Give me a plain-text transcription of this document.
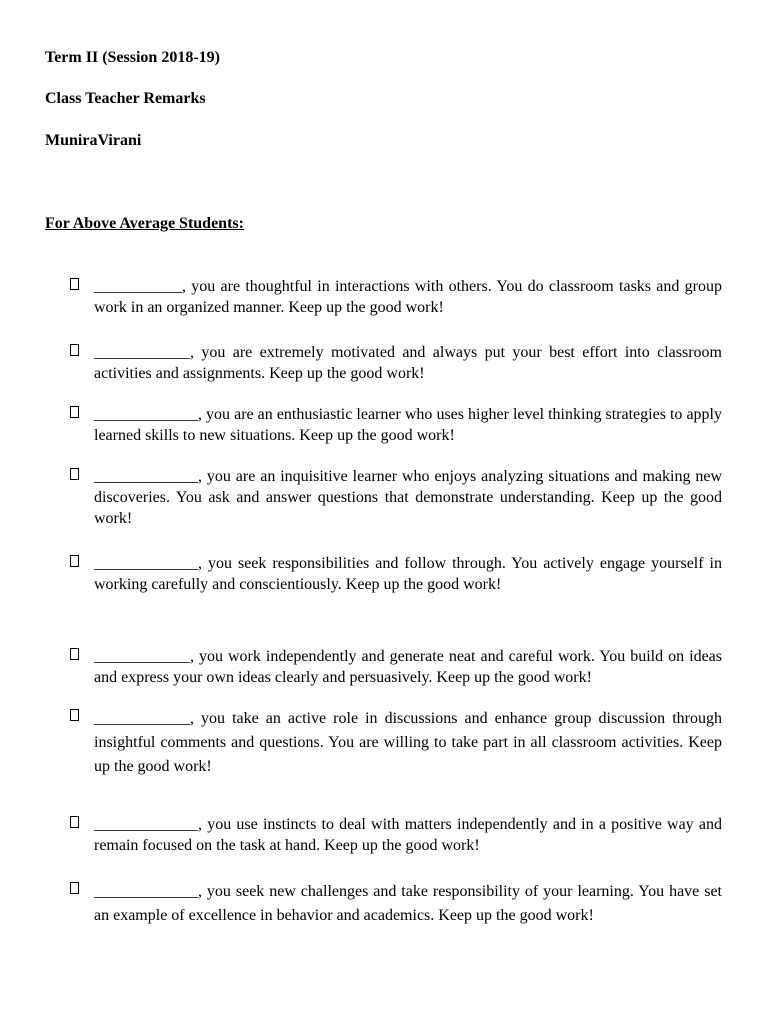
Term II (Session 2018-19)
Class Teacher Remarks
MuniraVirani
For Above Average Students:
___________, you are thoughtful in interactions with others. You do classroom tasks and group work in an organized manner. Keep up the good work!
____________, you are extremely motivated and always put your best effort into classroom activities and assignments. Keep up the good work!
_____________, you are an enthusiastic learner who uses higher level thinking strategies to apply learned skills to new situations. Keep up the good work!
_____________, you are an inquisitive learner who enjoys analyzing situations and making new discoveries. You ask and answer questions that demonstrate understanding. Keep up the good work!
_____________, you seek responsibilities and follow through. You actively engage yourself in working carefully and conscientiously. Keep up the good work!
____________, you work independently and generate neat and careful work. You build on ideas and express your own ideas clearly and persuasively. Keep up the good work!
____________, you take an active role in discussions and enhance group discussion through insightful comments and questions. You are willing to take part in all classroom activities. Keep up the good work!
_____________, you use instincts to deal with matters independently and in a positive way and remain focused on the task at hand. Keep up the good work!
_____________, you seek new challenges and take responsibility of your learning. You have set an example of excellence in behavior and academics. Keep up the good work!
